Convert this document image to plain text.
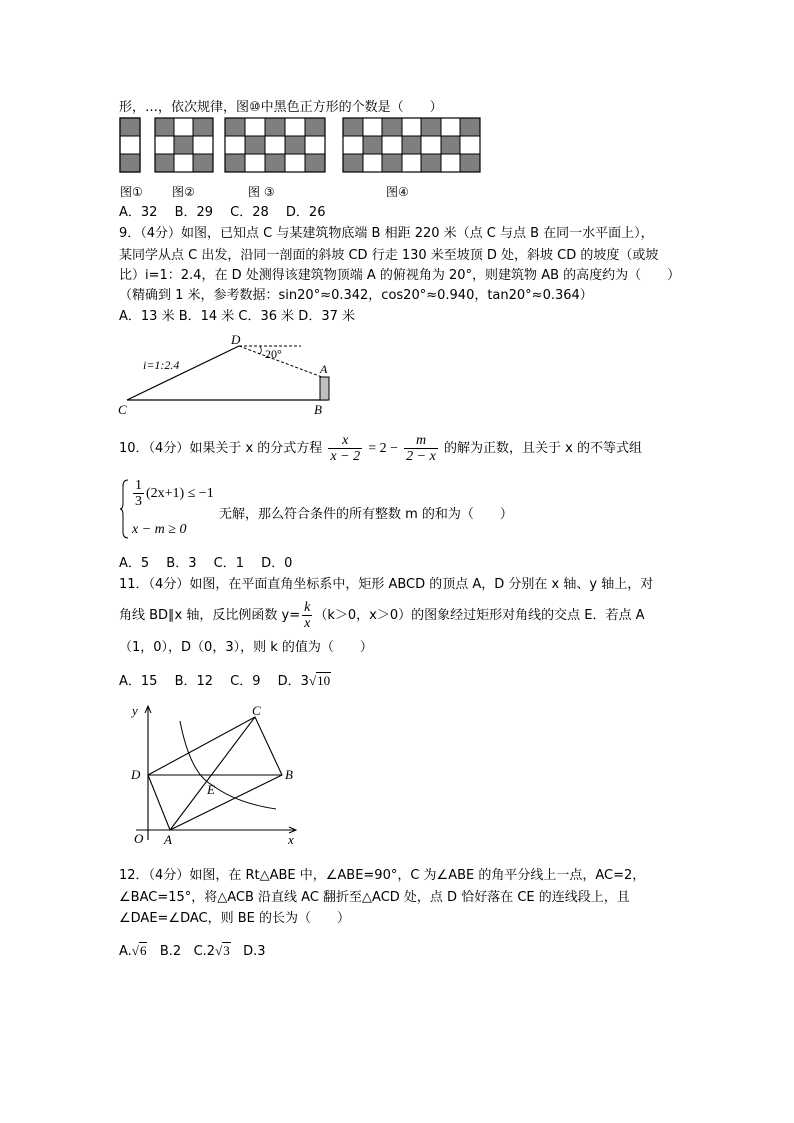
形，…，依次规律，图⑩中黑色正方形的个数是（　　）
图① 图②	图 ③	图④
A．32　 B．29　 C．28　 D．26
9．（4分）如图，已知点 C 与某建筑物底端 B 相距 220 米（点 C 与点 B 在同一水平面上），
某同学从点 C 出发，沿同一剖面的斜坡 CD 行走 130 米至坡顶 D 处，斜坡 CD 的坡度（或坡
比）i=1：2.4，在 D 处测得该建筑物顶端 A 的俯视角为 20°，则建筑物 AB 的高度约为（　　）
（精确到 1 米，参考数据：sin20°≈0.342，cos20°≈0.940，tan20°≈0.364）
A．13 米 B．14 米 C．36 米 D．37 米
i=1:2.4
20°
C	B
D
A
10．（4分）如果关于 x 的分式方程 $\frac{x}{x - 2} = 2 - \frac{m}{2 - x}$ 的解为正数，且关于 x 的不等式组
$\frac{1}{3} (2x+1) \le -1$
x − m ≥ 0
无解，那么符合条件的所有整数 m 的和为（　　）
A．5　 B．3　 C．1　 D．0
11．（4分）如图，在平面直角坐标系中，矩形 ABCD 的顶点 A，D 分别在 x 轴、y 轴上，对
角线 BD∥x 轴，反比例函数 $y= \frac{k}{x} (k>0$，x＞0）的图象经过矩形对角线的交点 E．若点 A
（1，0），D（0，3），则 k 的值为（　　）
A．15　 B．12　 C．9　 D．3√10
y
x
O A
B
C
D
E
12．（4分）如图，在 Rt△ABE 中，∠ABE=90°，C 为∠ABE 的角平分线上一点，AC=2，
∠BAC=15°，将△ACB 沿直线 AC 翻折至△ACD 处，点 D 恰好落在 CE 的连线段上，且
∠DAE=∠DAC，则 BE 的长为（　　）
A.√6 B.2 C.2√3 D.3
